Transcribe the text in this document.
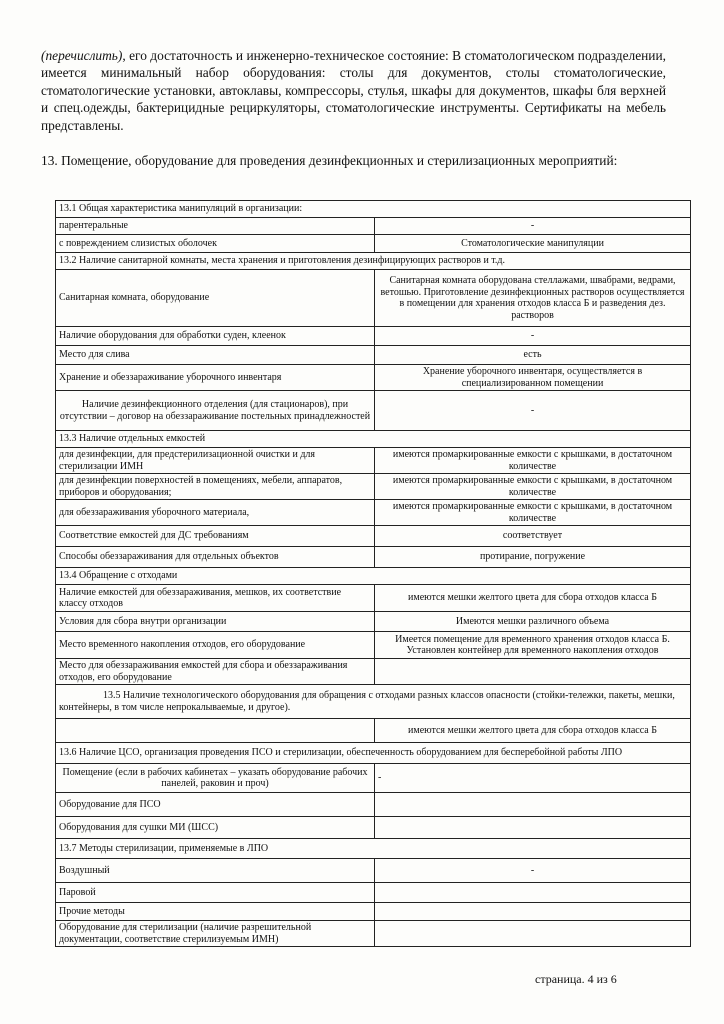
(перечислить), его достаточность и инженерно-техническое состояние: В стоматологическом подразделении, имеется минимальный набор оборудования: столы для документов, столы стоматологические, стоматологические установки, автоклавы, компрессоры, стулья, шкафы для документов, шкафы бля верхней и спец.одежды, бактерицидные рециркуляторы, стоматологические инструменты. Сертификаты на мебель представлены.
13. Помещение, оборудование для проведения дезинфекционных и стерилизационных мероприятий:
13.1 Общая характеристика манипуляций в организации:	
парентеральные	-
с повреждением слизистых оболочек	Стоматологические манипуляции
13.2 Наличие санитарной комнаты, места хранения и приготовления дезинфицирующих растворов и т.д.	
Санитарная комната, оборудование	Санитарная комната оборудована стеллажами, швабрами, ведрами, ветошью. Приготовление дезинфекционных растворов осуществляется в помещении для хранения отходов класса Б и разведения дез. растворов
Наличие оборудования для обработки суден, клеенок	-
Место для слива	есть
Хранение и обеззараживание уборочного инвентаря	Хранение уборочного инвентаря, осуществляется в специализированном помещении
Наличие дезинфекционного отделения (для стационаров), при отсутствии – договор на обеззараживание постельных принадлежностей	-
13.3 Наличие отдельных емкостей	
для дезинфекции, для предстерилизационной очистки и для стерилизации ИМН	имеются промаркированные емкости с крышками, в достаточном количестве
для дезинфекции поверхностей в помещениях, мебели, аппаратов, приборов и оборудования;	имеются промаркированные емкости с крышками, в достаточном количестве
для обеззараживания уборочного материала,	имеются промаркированные емкости с крышками, в достаточном количестве
Соответствие емкостей для ДС требованиям	соответствует
Способы обеззараживания для отдельных объектов	протирание, погружение
13.4 Обращение с отходами	
Наличие емкостей для обеззараживания, мешков, их соответствие классу отходов	имеются мешки желтого цвета для сбора отходов класса Б
Условия для сбора внутри организации	Имеются мешки различного объема
Место временного накопления отходов, его оборудование	Имеется помещение для временного хранения отходов класса Б. Установлен контейнер для временного накопления отходов
Место для обеззараживания емкостей для сбора и обеззараживания отходов, его оборудование	
13.5 Наличие технологического оборудования для обращения с отходами разных классов опасности (стойки-тележки, пакеты, мешки, контейнеры, в том числе непрокалываемые, и другое).	
	имеются мешки желтого цвета для сбора отходов класса Б
13.6 Наличие ЦСО, организация проведения ПСО и стерилизации, обеспеченность оборудованием для бесперебойной работы ЛПО	
Помещение (если в рабочих кабинетах – указать оборудование рабочих панелей, раковин и проч)	-
Оборудование для ПСО	
Оборудования для сушки МИ (ШСС)	
13.7 Методы стерилизации, применяемые в ЛПО	
Воздушный	-
Паровой	
Прочие методы	
Оборудование для стерилизации (наличие разрешительной документации, соответствие стерилизуемым ИМН)	
страница. 4 из 6
